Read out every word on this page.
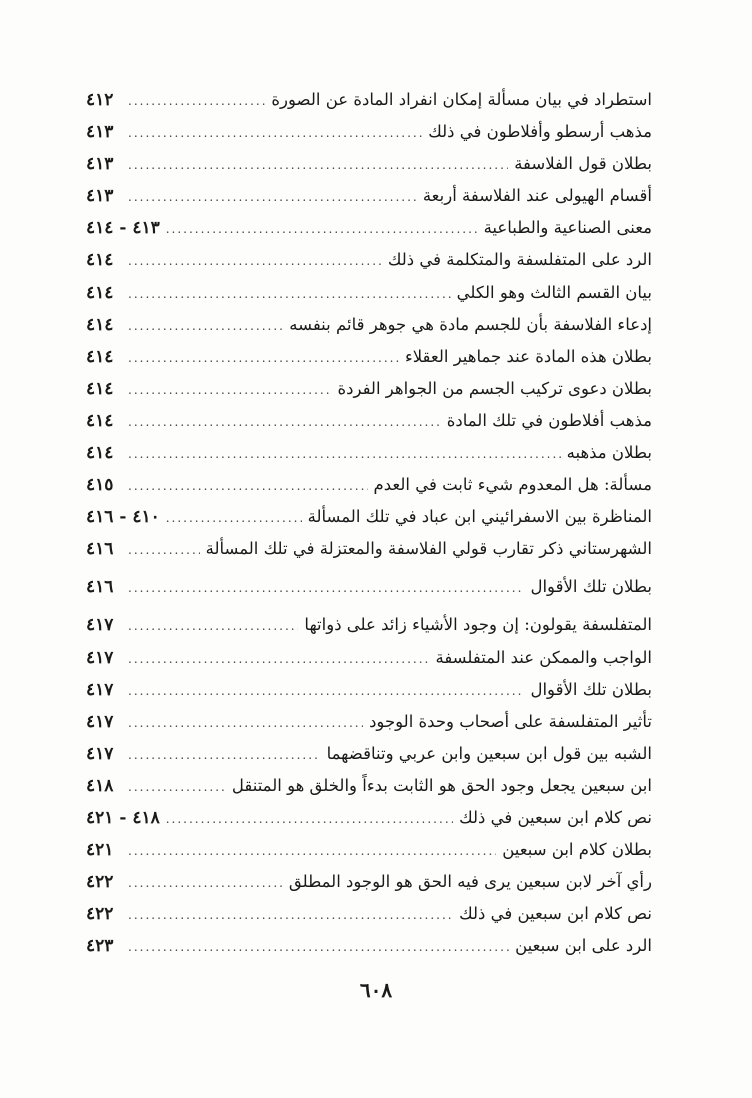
استطراد في بيان مسألة إمكان انفراد المادة عن الصورة
.....
٤١٢
مذهب أرسطو وأفلاطون في ذلك
.....
٤١٣
بطلان قول الفلاسفة
.....
٤١٣
أقسام الهيولى عند الفلاسفة أربعة
.....
٤١٣
معنى الصناعية والطباعية
.....
٤١٣ - ٤١٤
الرد على المتفلسفة والمتكلمة في ذلك
.....
٤١٤
بيان القسم الثالث وهو الكلي
.....
٤١٤
إدعاء الفلاسفة بأن للجسم مادة هي جوهر قائم بنفسه
.....
٤١٤
بطلان هذه المادة عند جماهير العقلاء
.....
٤١٤
بطلان دعوى تركيب الجسم من الجواهر الفردة
.....
٤١٤
مذهب أفلاطون في تلك المادة
.....
٤١٤
بطلان مذهبه
.....
٤١٤
مسألة: هل المعدوم شيء ثابت في العدم
.....
٤١٥
المناظرة بين الاسفرائيني ابن عباد في تلك المسألة
.....
٤١٠ - ٤١٦
الشهرستاني ذكر تقارب قولي الفلاسفة والمعتزلة في تلك المسألة
.....
٤١٦
بطلان تلك الأقوال
.....
٤١٦
المتفلسفة يقولون: إن وجود الأشياء زائد على ذواتها
.....
٤١٧
الواجب والممكن عند المتفلسفة
.....
٤١٧
بطلان تلك الأقوال
.....
٤١٧
تأثير المتفلسفة على أصحاب وحدة الوجود
.....
٤١٧
الشبه بين قول ابن سبعين وابن عربي وتناقضهما
.....
٤١٧
ابن سبعين يجعل وجود الحق هو الثابت بدءاً والخلق هو المتنقل
.....
٤١٨
نص كلام ابن سبعين في ذلك
.....
٤١٨ - ٤٢١
بطلان كلام ابن سبعين
.....
٤٢١
رأي آخر لابن سبعين يرى فيه الحق هو الوجود المطلق
.....
٤٢٢
نص كلام ابن سبعين في ذلك
.....
٤٢٢
الرد على ابن سبعين
.....
٤٢٣
٦٠٨
